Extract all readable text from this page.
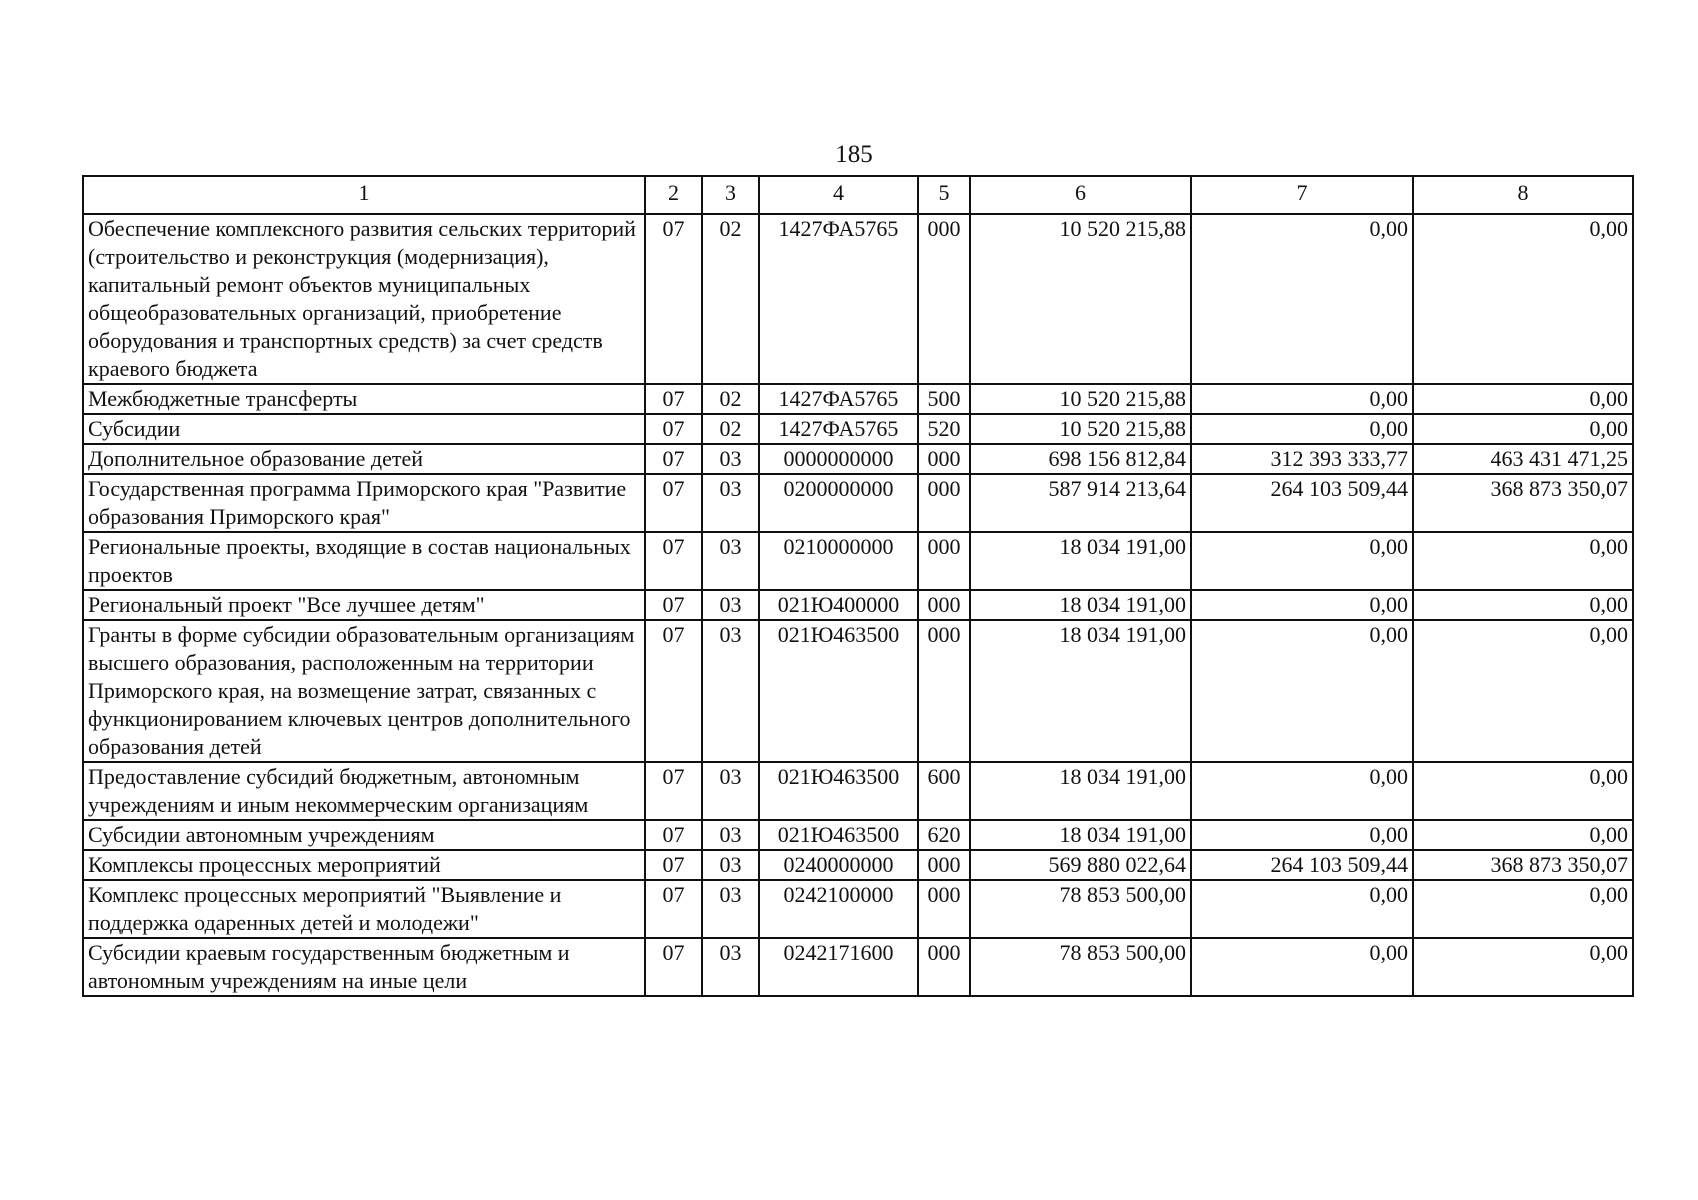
185
1	2	3	4	5	6	7	8

Обеспечение комплексного развития сельских территорий (строительство и реконструкция (модернизация), капитальный ремонт объектов муниципальных общеобразовательных организаций, приобретение оборудования и транспортных средств) за счет средств краевого бюджета	07	02	1427ФА5765	000	10 520 215,88	0,00	0,00

Межбюджетные трансферты	07	02	1427ФА5765	500	10 520 215,88	0,00	0,00

Субсидии	07	02	1427ФА5765	520	10 520 215,88	0,00	0,00

Дополнительное образование детей	07	03	0000000000	000	698 156 812,84	312 393 333,77	463 431 471,25

Государственная программа Приморского края "Развитие образования Приморского края"	07	03	0200000000	000	587 914 213,64	264 103 509,44	368 873 350,07

Региональные проекты, входящие в состав национальных проектов	07	03	0210000000	000	18 034 191,00	0,00	0,00

Региональный проект "Все лучшее детям"	07	03	021Ю400000	000	18 034 191,00	0,00	0,00

Гранты в форме субсидии образовательным организациям высшего образования, расположенным на территории Приморского края, на возмещение затрат, связанных с функционированием ключевых центров дополнительного образования детей	07	03	021Ю463500	000	18 034 191,00	0,00	0,00

Предоставление субсидий бюджетным, автономным учреждениям и иным некоммерческим организациям	07	03	021Ю463500	600	18 034 191,00	0,00	0,00

Субсидии автономным учреждениям	07	03	021Ю463500	620	18 034 191,00	0,00	0,00

Комплексы процессных мероприятий	07	03	0240000000	000	569 880 022,64	264 103 509,44	368 873 350,07

Комплекс процессных мероприятий "Выявление и поддержка одаренных детей и молодежи"	07	03	0242100000	000	78 853 500,00	0,00	0,00

Субсидии краевым государственным бюджетным и автономным учреждениям на иные цели	07	03	0242171600	000	78 853 500,00	0,00	0,00
